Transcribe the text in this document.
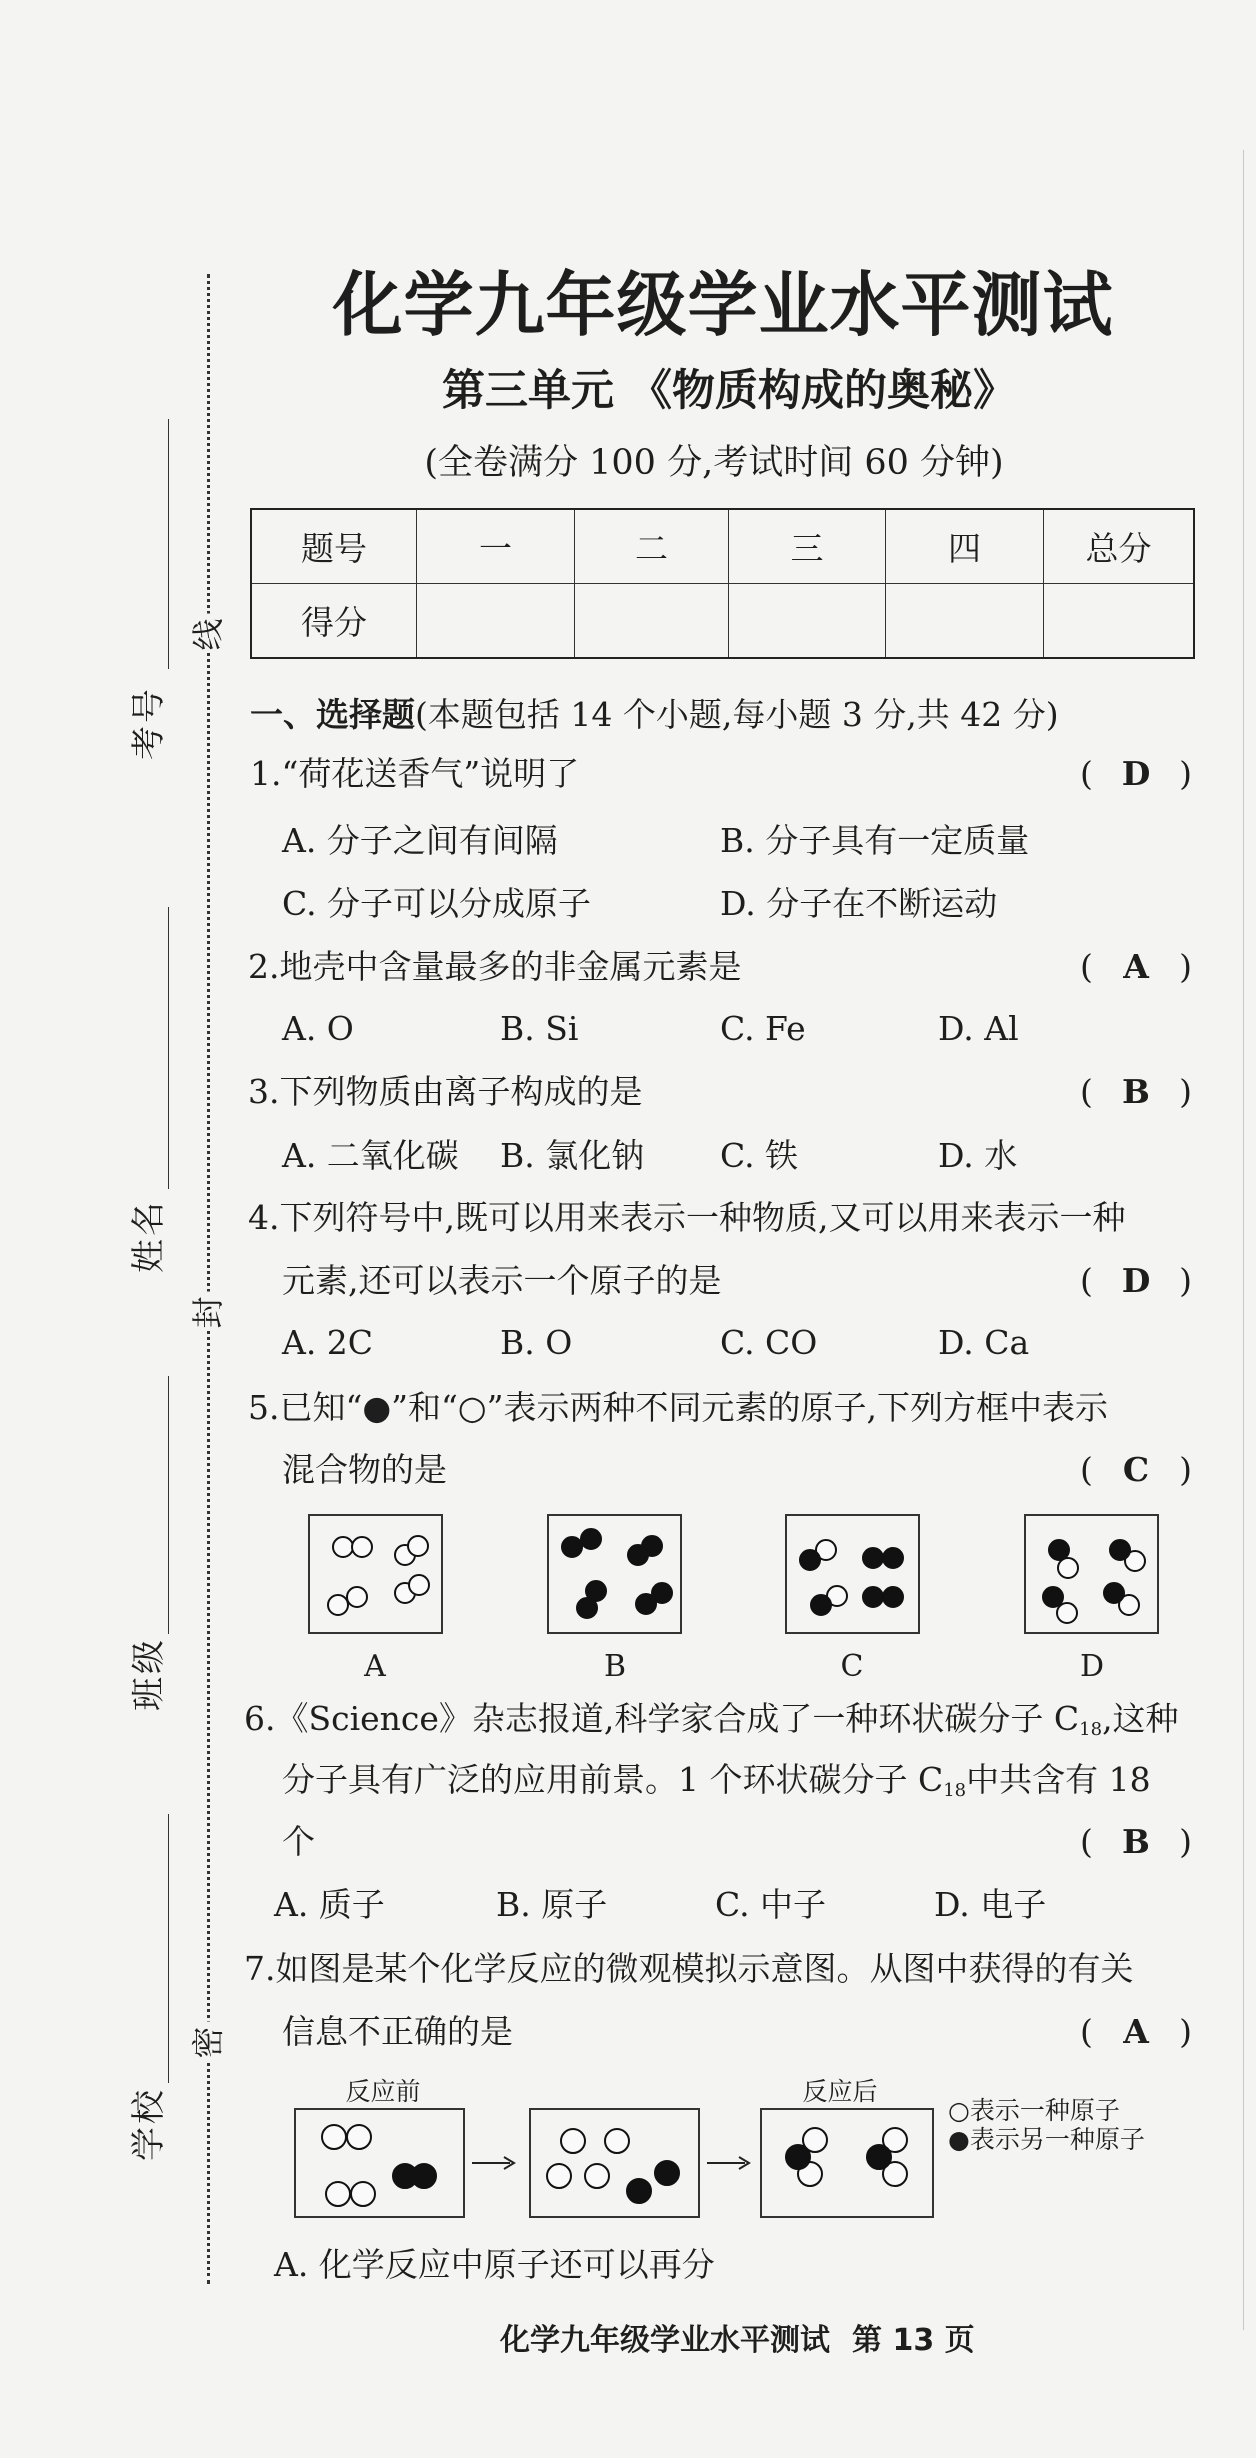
考号
姓名
班级
学校
线
封
密
化学九年级学业水平测试
第三单元 《物质构成的奥秘》
(全卷满分 100 分,考试时间 60 分钟)
题号	一	二	三	四	总分
得分					
一、选择题(本题包括 14 个小题,每小题 3 分,共 42 分)
1.“荷花送香气”说明了	( D )
A. 分子之间有间隔	B. 分子具有一定质量
C. 分子可以分成原子	D. 分子在不断运动
2.地壳中含量最多的非金属元素是	( A )
A. O	B. Si	C. Fe	D. Al
3.下列物质由离子构成的是	( B )
A. 二氧化碳 B. 氯化钠 C. 铁	D. 水
4.下列符号中,既可以用来表示一种物质,又可以用来表示一种
元素,还可以表示一个原子的是	( D )
A. 2C	B. O	C. CO	D. Ca
5.已知“●”和“○”表示两种不同元素的原子,下列方框中表示
混合物的是	( C )
A	B	C	D
6.《Science》杂志报道,科学家合成了一种环状碳分子 $C_{18}$,这种
分子具有广泛的应用前景。1 个环状碳分子 $C_{18}$中共含有 18
个	( B )
A. 质子	B. 原子	C. 中子	D. 电子
7.如图是某个化学反应的微观模拟示意图。从图中获得的有关
信息不正确的是	( A )
反应前	反应后
○表示一种原子
●表示另一种原子
A. 化学反应中原子还可以再分
化学九年级学业水平测试 第 13 页
